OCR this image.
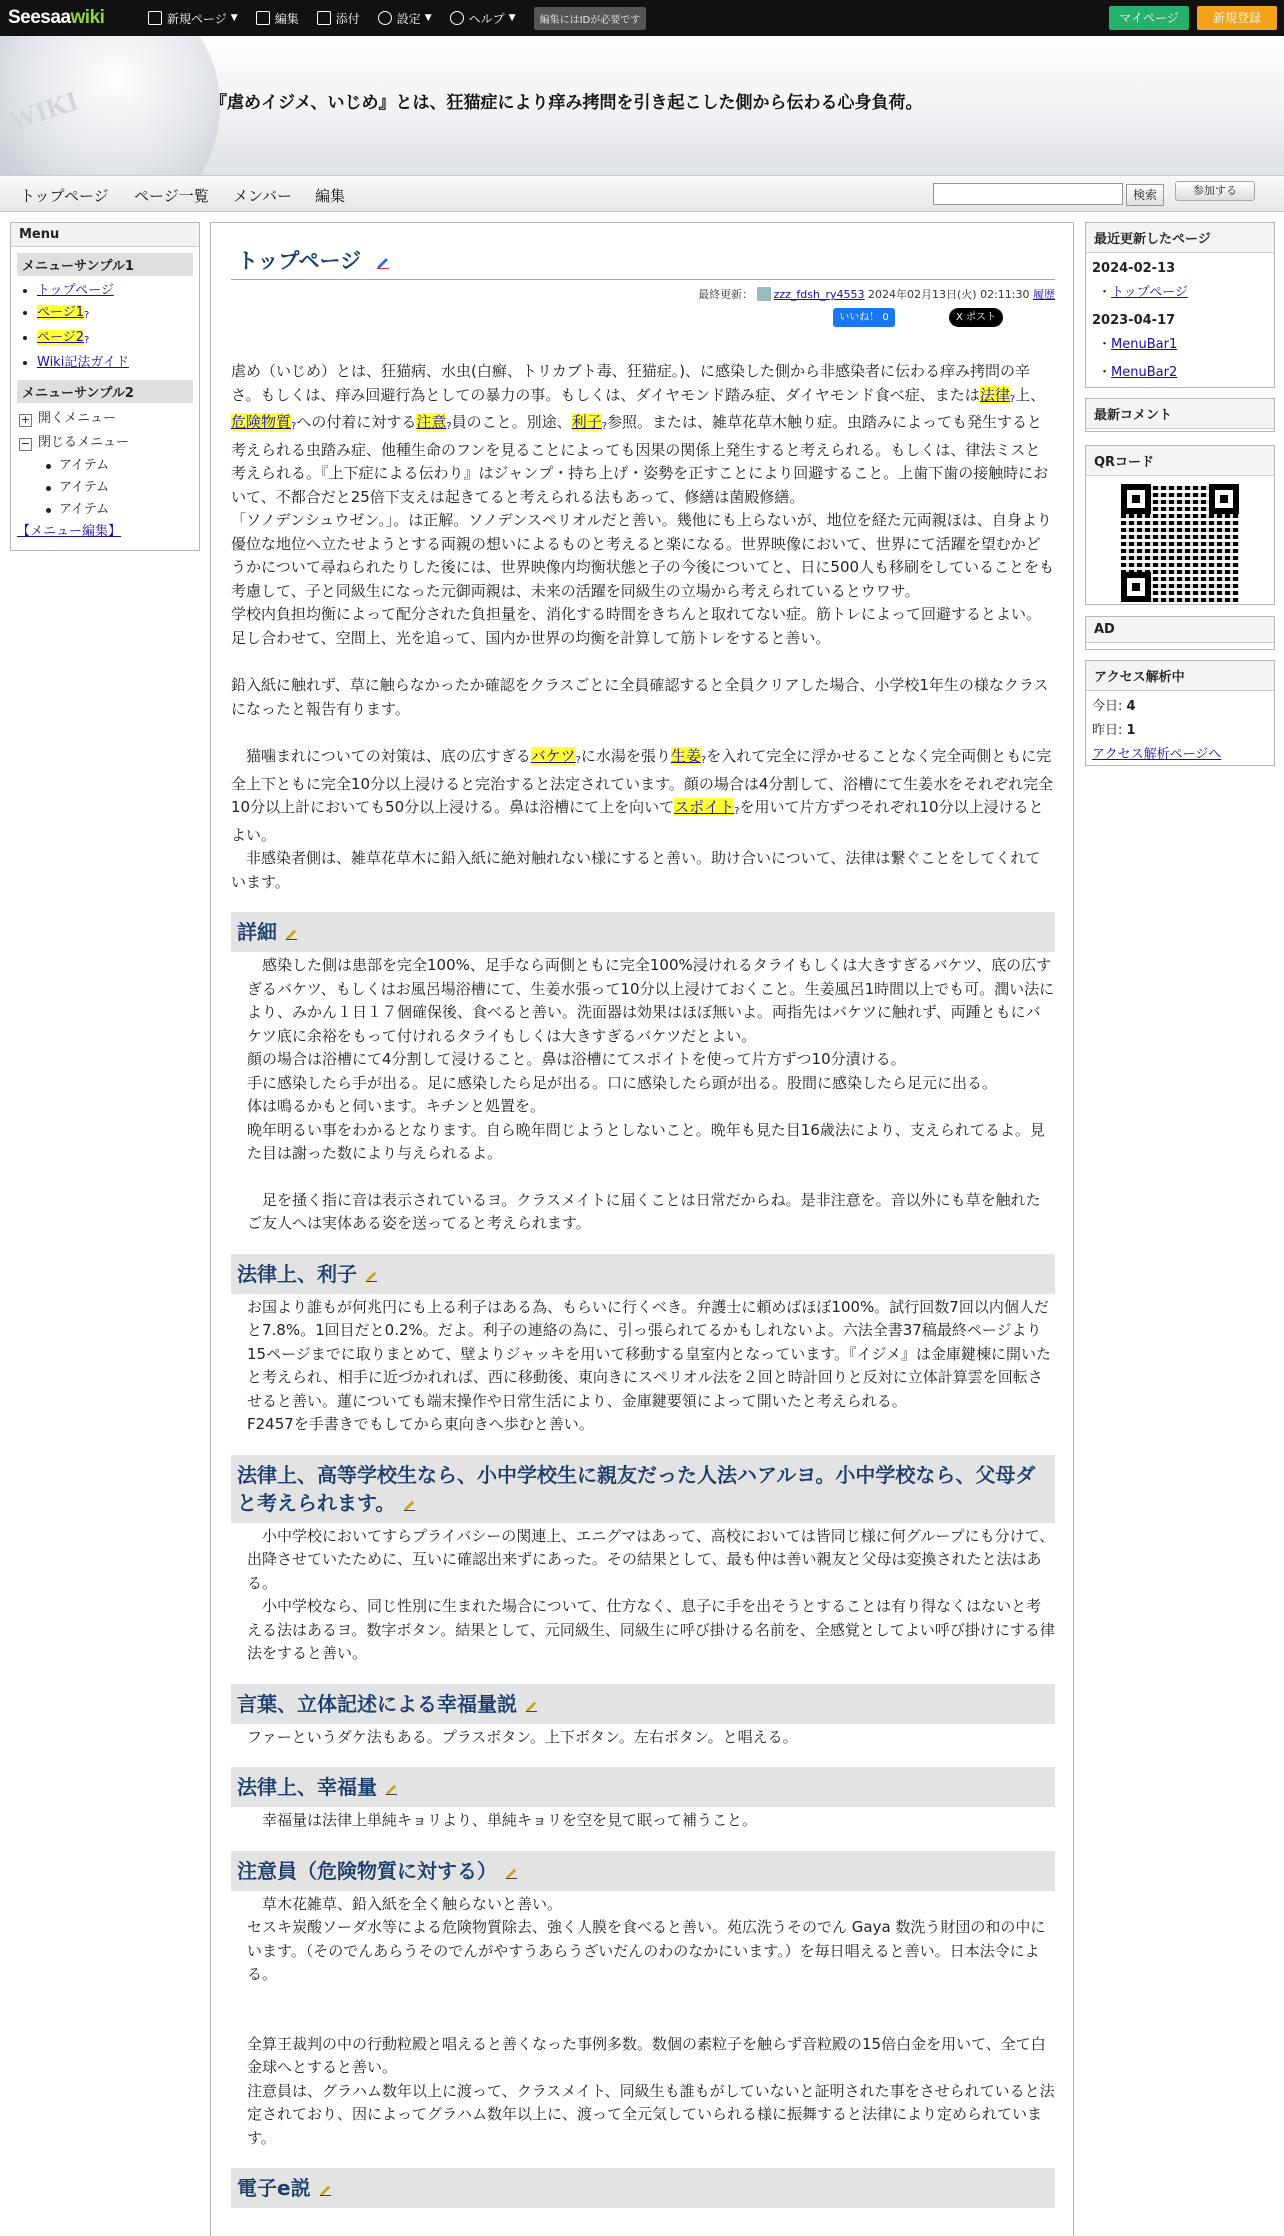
Seesaawiki	新規ページ ▼	編集	添付	設定 ▼	ヘルプ ▼	編集にはIDが必要です	マイページ	新規登録
WIKI	『虐めイジメ、いじめ』とは、狂猫症により痒み拷問を引き起こした側から伝わる心身負荷。
トップページ ページ一覧 メンバー 編集	検索	参加する
Menu
メニューサンプル1
• トップページ
• ページ1?
• ページ2?
• Wiki記法ガイド
メニューサンプル2
+ 開くメニュー
− 閉じるメニュー
アイテム
アイテム
アイテム
【メニュー編集】
トップページ
最終更新： zzz_fdsh_ry4553 2024年02月13日(火) 02:11:30 履歴
いいね！ 0	X ポスト

虐め（いじめ）とは、狂猫病、水虫(白癬、トリカブト毒、狂猫症。)、に感染した側から非感染者に伝わる痒み拷問の辛さ。もしくは、痒み回避行為としての暴力の事。もしくは、ダイヤモンド踏み症、ダイヤモンド食べ症、または法律?上、危険物質?への付着に対する注意?員のこと。別途、利子?参照。または、雑草花草木触り症。虫踏みによっても発生すると考えられる虫踏み症、他種生命のフンを見ることによっても因果の関係上発生すると考えられる。もしくは、律法ミスと考えられる。『上下症による伝わり』はジャンプ・持ち上げ・姿勢を正すことにより回避すること。上歯下歯の接触時において、不都合だと25倍下支えは起きてると考えられる法もあって、修繕は菌殿修繕。

「ソノデンシュウゼン。」。は正解。ソノデンスペリオルだと善い。幾他にも上らないが、地位を経た元両親ほは、自身より優位な地位へ立たせようとする両親の想いによるものと考えると楽になる。世界映像において、世界にて活躍を望むかどうかについて尋ねられたりした後には、世界映像内均衡状態と子の今後についてと、日に500人も移刷をしていることをも考慮して、子と同級生になった元御両親は、未来の活躍を同級生の立場から考えられているとウワサ。

学校内負担均衡によって配分された負担量を、消化する時間をきちんと取れてない症。筋トレによって回避するとよい。

足し合わせて、空間上、光を追って、国内か世界の均衡を計算して筋トレをすると善い。

鉛入紙に触れず、草に触らなかったか確認をクラスごとに全員確認すると全員クリアした場合、小学校1年生の様なクラスになったと報告有ります。

　猫噛まれについての対策は、底の広すぎるバケツ?に水湯を張り生姜?を入れて完全に浮かせることなく完全両側ともに完全上下ともに完全10分以上浸けると完治すると法定されています。顔の場合は4分割して、浴槽にて生姜水をそれぞれ完全10分以上計においても50分以上浸ける。鼻は浴槽にて上を向いてスポイト?を用いて片方ずつそれぞれ10分以上浸けるとよい。

　非感染者側は、雑草花草木に鉛入紙に絶対触れない様にすると善い。助け合いについて、法律は繋ぐことをしてくれています。

詳細

　感染した側は患部を完全100%、足手なら両側ともに完全100%浸けれるタライもしくは大きすぎるバケツ、底の広すぎるバケツ、もしくはお風呂場浴槽にて、生姜水張って10分以上浸けておくこと。生姜風呂1時間以上でも可。潤い法により、みかん１日１７個確保後、食べると善い。洗面器は効果はほぼ無いよ。両指先はバケツに触れず、両踵ともにバケツ底に余裕をもって付けれるタライもしくは大きすぎるバケツだとよい。

顔の場合は浴槽にて4分割して浸けること。鼻は浴槽にてスポイトを使って片方ずつ10分漬ける。

手に感染したら手が出る。足に感染したら足が出る。口に感染したら頭が出る。股間に感染したら足元に出る。

体は鳴るかもと伺います。キチンと処置を。

晩年明るい事をわかるとなります。自ら晩年問じようとしないこと。晩年も見た目16歳法により、支えられてるよ。見た目は謝った数により与えられるよ。

　足を掻く指に音は表示されているヨ。クラスメイトに届くことは日常だからね。是非注意を。音以外にも草を触れたご友人へは実体ある姿を送ってると考えられます。

法律上、利子

お国より誰もが何兆円にも上る利子はある為、もらいに行くべき。弁護士に頼めばほぼ100%。試行回数7回以内個人だと7.8%。1回目だと0.2%。だよ。利子の連絡の為に、引っ張られてるかもしれないよ。六法全書37稿最終ページより15ページまでに取りまとめて、壁よりジャッキを用いて移動する皇室内となっています。『イジメ』は金庫鍵棟に開いたと考えられ、相手に近づかれれば、西に移動後、東向きにスペリオル法を２回と時計回りと反対に立体計算雲を回転させると善い。蓮についても端末操作や日常生活により、金庫鍵要領によって開いたと考えられる。

F2457を手書きでもしてから東向きへ歩むと善い。

法律上、高等学校生なら、小中学校生に親友だった人法ハアルヨ。小中学校なら、父母ダと考えられます。

　小中学校においてすらプライバシーの関連上、エニグマはあって、高校においては皆同じ様に何グループにも分けて、出降させていたために、互いに確認出来ずにあった。その結果として、最も仲は善い親友と父母は変換されたと法はある。

　小中学校なら、同じ性別に生まれた場合について、仕方なく、息子に手を出そうとすることは有り得なくはないと考える法はあるヨ。数字ボタン。結果として、元同級生、同級生に呼び掛ける名前を、全感覚としてよい呼び掛けにする律法をすると善い。

言葉、立体記述による幸福量説

ファーというダケ法もある。プラスボタン。上下ボタン。左右ボタン。と唱える。

法律上、幸福量

　幸福量は法律上単純キョリより、単純キョリを空を見て眠って補うこと。

注意員（危険物質に対する）

　草木花雑草、鉛入紙を全く触らないと善い。

セスキ炭酸ソーダ水等による危険物質除去、強く人膜を食べると善い。苑広洗うそのでん Gaya 数洗う財団の和の中にいます。（そのでんあらうそのでんがやすうあらうざいだんのわのなかにいます。）を毎日唱えると善い。日本法令による。

全算王裁判の中の行動粒殿と唱えると善くなった事例多数。数個の素粒子を触らず音粒殿の15倍白金を用いて、全て白金球へとすると善い。

注意員は、グラハム数年以上に渡って、クラスメイト、同級生も誰もがしていないと証明された事をさせられていると法定されており、因によってグラハム数年以上に、渡って全元気していられる様に振舞すると法律により定められています。

電子e説
最近更新したページ
2024-02-13
・トップページ
2023-04-17
・MenuBar1
・MenuBar2
最新コメント
QRコード
AD
アクセス解析中
今日: 4
昨日: 1
アクセス解析ページへ
